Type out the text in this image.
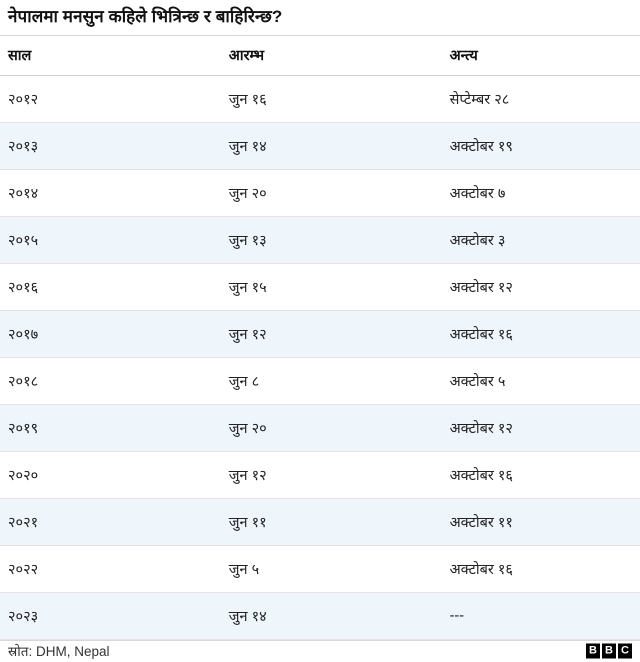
नेपालमा मनसुन कहिले भित्रिन्छ र बाहिरिन्छ?
साल	आरम्भ	अन्त्य
२०१२	जुन १६	सेप्टेम्बर २८
२०१३	जुन १४	अक्टोबर १९
२०१४	जुन २०	अक्टोबर ७
२०१५	जुन १३	अक्टोबर ३
२०१६	जुन १५	अक्टोबर १२
२०१७	जुन १२	अक्टोबर १६
२०१८	जुन ८	अक्टोबर ५
२०१९	जुन २०	अक्टोबर १२
२०२०	जुन १२	अक्टोबर १६
२०२१	जुन ११	अक्टोबर ११
२०२२	जुन ५	अक्टोबर १६
२०२३	जुन १४	---
स्रोत: DHM, Nepal	B B C
